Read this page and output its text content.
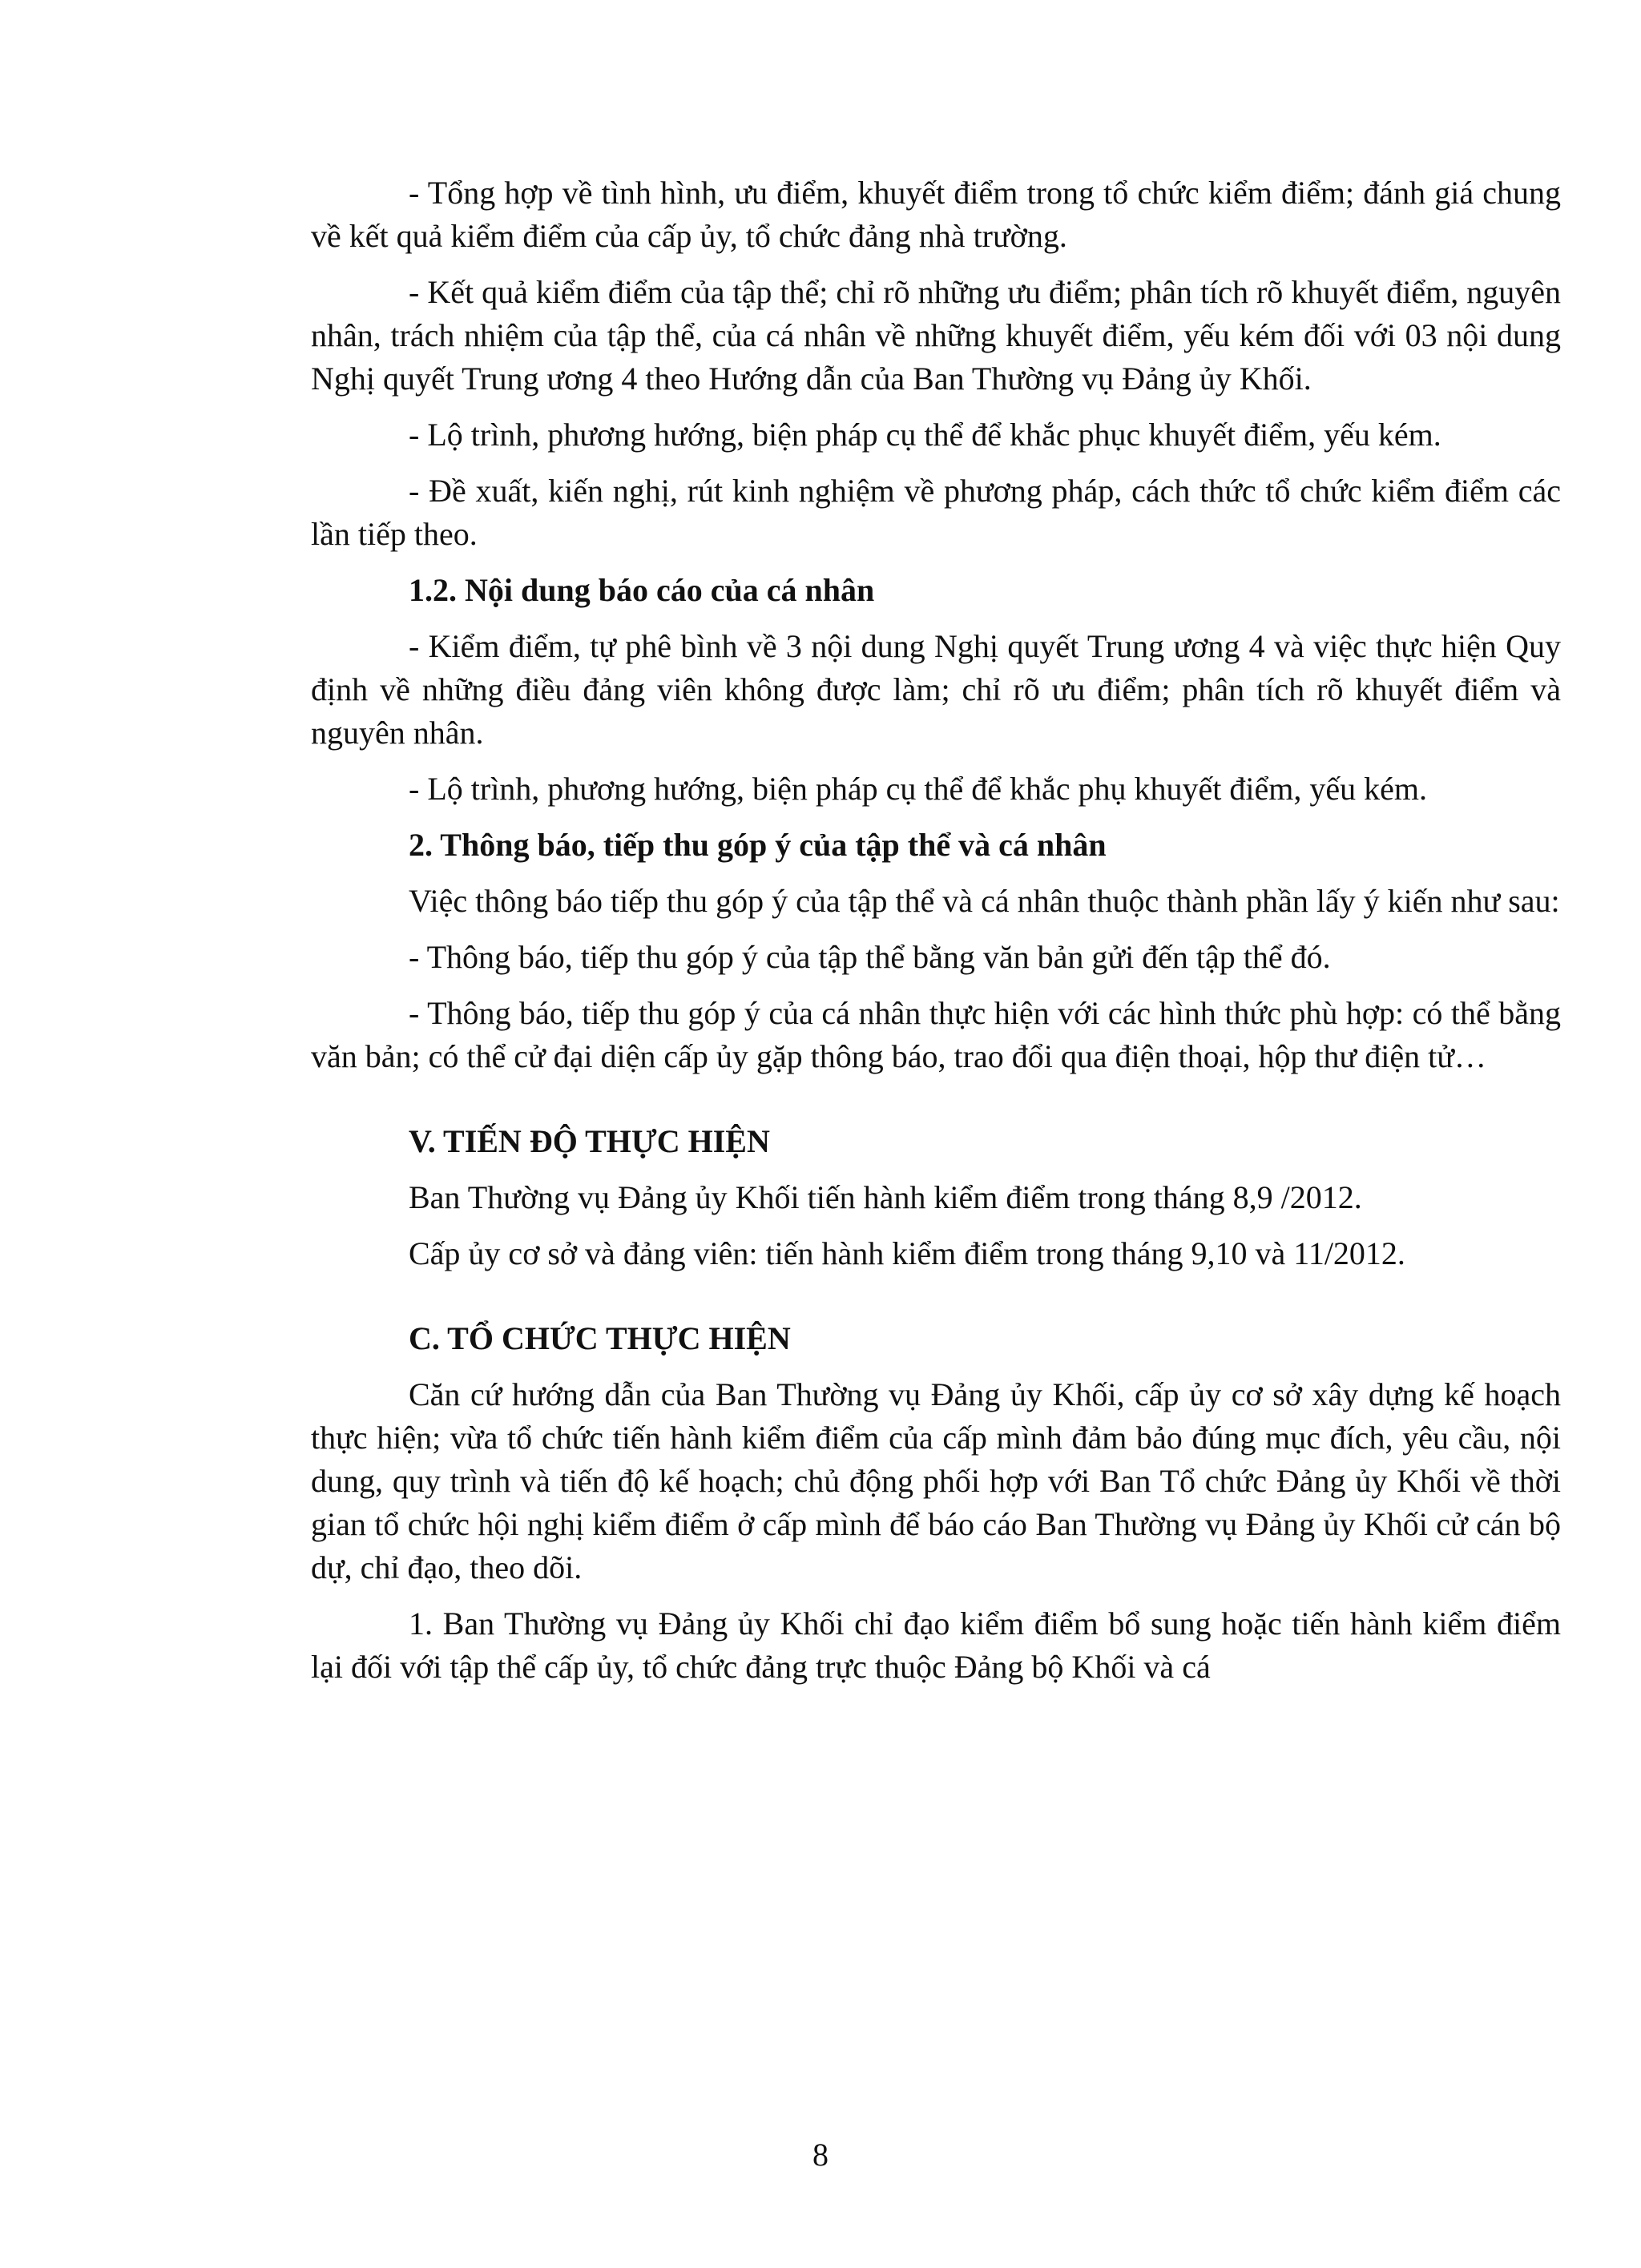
- Tổng hợp về tình hình, ưu điểm, khuyết điểm trong tổ chức kiểm điểm; đánh giá chung về kết quả kiểm điểm của cấp ủy, tổ chức đảng nhà trường.

- Kết quả kiểm điểm của tập thể; chỉ rõ những ưu điểm; phân tích rõ khuyết điểm, nguyên nhân, trách nhiệm của tập thể, của cá nhân về những khuyết điểm, yếu kém đối với 03 nội dung Nghị quyết Trung ương 4 theo Hướng dẫn của Ban Thường vụ Đảng ủy Khối.

- Lộ trình, phương hướng, biện pháp cụ thể để khắc phục khuyết điểm, yếu kém.

- Đề xuất, kiến nghị, rút kinh nghiệm về phương pháp, cách thức tổ chức kiểm điểm các lần tiếp theo.

1.2. Nội dung báo cáo của cá nhân

- Kiểm điểm, tự phê bình về 3 nội dung Nghị quyết Trung ương 4 và việc thực hiện Quy định về những điều đảng viên không được làm; chỉ rõ ưu điểm; phân tích rõ khuyết điểm và nguyên nhân.

- Lộ trình, phương hướng, biện pháp cụ thể để khắc phụ khuyết điểm, yếu kém.

2. Thông báo, tiếp thu góp ý của tập thể và cá nhân

Việc thông báo tiếp thu góp ý của tập thể và cá nhân thuộc thành phần lấy ý kiến như sau:

- Thông báo, tiếp thu góp ý của tập thể bằng văn bản gửi đến tập thể đó.

- Thông báo, tiếp thu góp ý của cá nhân thực hiện với các hình thức phù hợp: có thể bằng văn bản; có thể cử đại diện cấp ủy gặp thông báo, trao đổi qua điện thoại, hộp thư điện tử…

V. TIẾN ĐỘ THỰC HIỆN

Ban Thường vụ Đảng ủy Khối tiến hành kiểm điểm trong tháng 8,9 /2012.

Cấp ủy cơ sở và đảng viên: tiến hành kiểm điểm trong tháng 9,10 và 11/2012.

C. TỔ CHỨC THỰC HIỆN

Căn cứ hướng dẫn của Ban Thường vụ Đảng ủy Khối, cấp ủy cơ sở xây dựng kế hoạch thực hiện; vừa tổ chức tiến hành kiểm điểm của cấp mình đảm bảo đúng mục đích, yêu cầu, nội dung, quy trình và tiến độ kế hoạch; chủ động phối hợp với Ban Tổ chức Đảng ủy Khối về thời gian tổ chức hội nghị kiểm điểm ở cấp mình để báo cáo Ban Thường vụ Đảng ủy Khối cử cán bộ dự, chỉ đạo, theo dõi.

1. Ban Thường vụ Đảng ủy Khối chỉ đạo kiểm điểm bổ sung hoặc tiến hành kiểm điểm lại đối với tập thể cấp ủy, tổ chức đảng trực thuộc Đảng bộ Khối và cá

8
